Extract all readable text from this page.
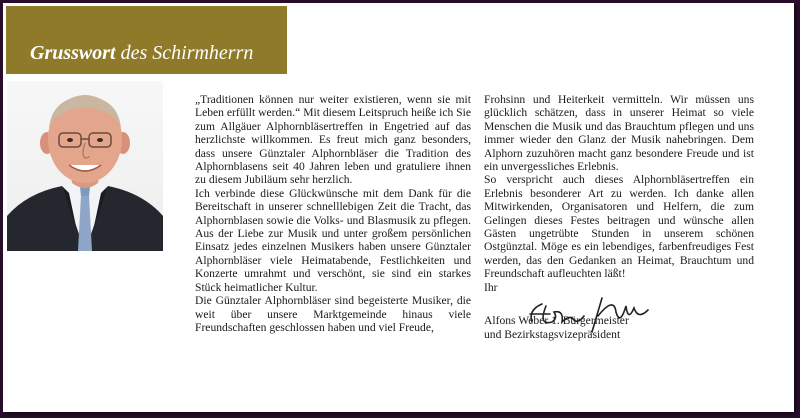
Grusswort des Schirmherrn

„Traditionen können nur weiter existieren, wenn sie mit Leben erfüllt werden.“ Mit diesem Leitspruch heiße ich Sie zum Allgäuer Alphornbläsertreffen in Engetried auf das herzlichste willkommen. Es freut mich ganz besonders, dass unsere Günztaler Alphornbläser die Tradition des Alphornblasens seit 40 Jahren leben und gratuliere ihnen zu diesem Jubiläum sehr herzlich.

Ich verbinde diese Glückwünsche mit dem Dank für die Bereitschaft in unserer schnelllebigen Zeit die Tracht, das Alphornblasen sowie die Volks- und Blasmusik zu pflegen. Aus der Liebe zur Musik und unter großem persönlichen Einsatz jedes einzelnen Musikers haben unsere Günztaler Alphornbläser viele Heimatabende, Festlichkeiten und Konzerte umrahmt und verschönt, sie sind ein starkes Stück heimatlicher Kultur.

Die Günztaler Alphornbläser sind begeisterte Musiker, die weit über unsere Marktgemeinde hinaus viele Freundschaften geschlossen haben und viel Freude,

Frohsinn und Heiterkeit vermitteln. Wir müssen uns glücklich schätzen, dass in unserer Heimat so viele Menschen die Musik und das Brauchtum pflegen und uns immer wieder den Glanz der Musik nahebringen. Dem Alphorn zuzuhören macht ganz besondere Freude und ist ein unvergessliches Erlebnis.

So verspricht auch dieses Alphornbläsertreffen ein Erlebnis besonderer Art zu werden. Ich danke allen Mitwirkenden, Organisatoren und Helfern, die zum Gelingen dieses Festes beitragen und wünsche allen Gästen ungetrübte Stunden in unserem schönen Ostgünztal. Möge es ein lebendiges, farbenfreudiges Fest werden, das den Gedanken an Heimat, Brauchtum und Freundschaft aufleuchten läßt!

Ihr

Alfons Weber 1. Bürgermeister

und Bezirkstagsvizepräsident
